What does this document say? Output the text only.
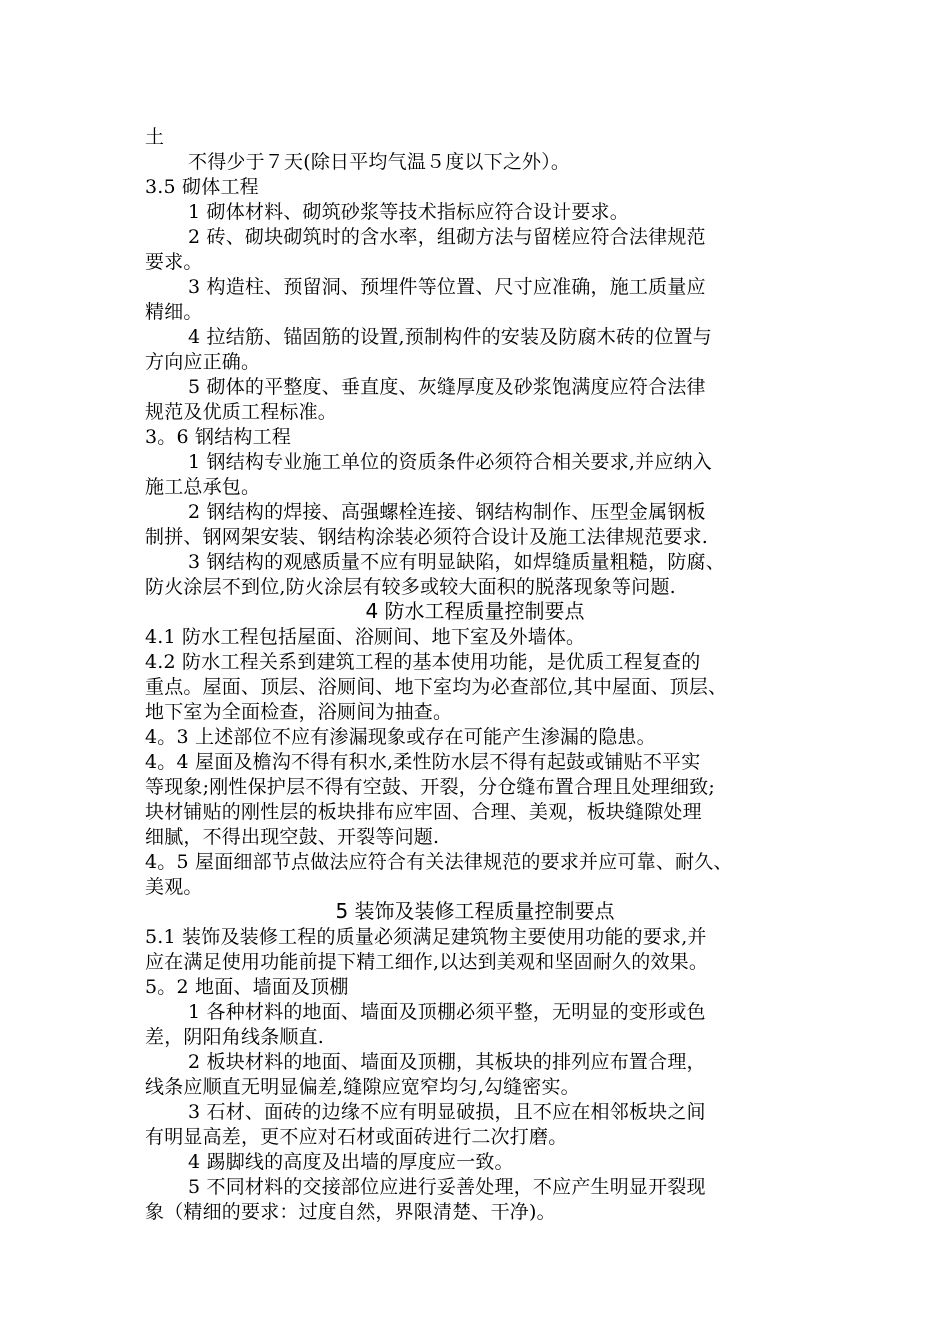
土
不得少于７天(除日平均气温５度以下之外）。
3.5 砌体工程
1 砌体材料、砌筑砂浆等技术指标应符合设计要求。
2 砖、砌块砌筑时的含水率，组砌方法与留槎应符合法律规范
要求。
3 构造柱、预留洞、预埋件等位置、尺寸应准确，施工质量应
精细。
4 拉结筋、锚固筋的设置,预制构件的安装及防腐木砖的位置与
方向应正确。
5 砌体的平整度、垂直度、灰缝厚度及砂浆饱满度应符合法律
规范及优质工程标准。
3。6 钢结构工程
1 钢结构专业施工单位的资质条件必须符合相关要求,并应纳入
施工总承包。
2 钢结构的焊接、高强螺栓连接、钢结构制作、压型金属钢板
制拼、钢网架安装、钢结构涂装必须符合设计及施工法律规范要求.
3 钢结构的观感质量不应有明显缺陷，如焊缝质量粗糙，防腐、
防火涂层不到位,防火涂层有较多或较大面积的脱落现象等问题.
4 防水工程质量控制要点
4.1 防水工程包括屋面、浴厕间、地下室及外墙体。
4.2 防水工程关系到建筑工程的基本使用功能，是优质工程复查的
重点。屋面、顶层、浴厕间、地下室均为必查部位,其中屋面、顶层、
地下室为全面检查，浴厕间为抽查。
4。3 上述部位不应有渗漏现象或存在可能产生渗漏的隐患。
4。4 屋面及檐沟不得有积水,柔性防水层不得有起鼓或铺贴不平实
等现象;刚性保护层不得有空鼓、开裂，分仓缝布置合理且处理细致;
块材铺贴的刚性层的板块排布应牢固、合理、美观，板块缝隙处理
细腻，不得出现空鼓、开裂等问题.
4。5 屋面细部节点做法应符合有关法律规范的要求并应可靠、耐久、
美观。
5 装饰及装修工程质量控制要点
5.1 装饰及装修工程的质量必须满足建筑物主要使用功能的要求,并
应在满足使用功能前提下精工细作,以达到美观和坚固耐久的效果。
5。2 地面、墙面及顶棚
1 各种材料的地面、墙面及顶棚必须平整，无明显的变形或色
差，阴阳角线条顺直.
2 板块材料的地面、墙面及顶棚，其板块的排列应布置合理，
线条应顺直无明显偏差,缝隙应宽窄均匀,勾缝密实。
3 石材、面砖的边缘不应有明显破损，且不应在相邻板块之间
有明显高差，更不应对石材或面砖进行二次打磨。
4 踢脚线的高度及出墙的厚度应一致。
5 不同材料的交接部位应进行妥善处理，不应产生明显开裂现
象（精细的要求：过度自然，界限清楚、干净)。
